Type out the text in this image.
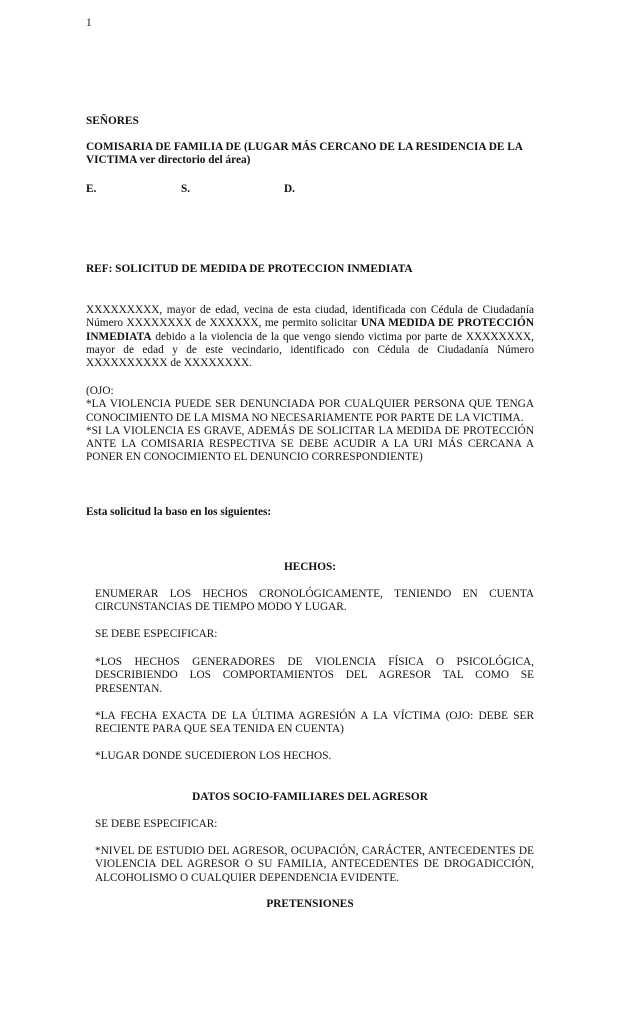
1
SEÑORES
COMISARIA DE FAMILIA DE (LUGAR MÁS CERCANO DE LA RESIDENCIA DE LA VICTIMA ver directorio del área)
E.	S.	D.
REF: SOLICITUD DE MEDIDA DE PROTECCION INMEDIATA
XXXXXXXXX, mayor de edad, vecina de esta ciudad, identificada con Cédula de Ciudadanía Número XXXXXXXX de XXXXXX, me permito solicitar UNA MEDIDA DE PROTECCIÓN INMEDIATA debido a la violencia de la que vengo siendo victima por parte de XXXXXXXX, mayor de edad y de este vecindario, identificado con Cédula de Ciudadanía Número XXXXXXXXXX de XXXXXXXX.

(OJO:

*LA VIOLENCIA PUEDE SER DENUNCIADA POR CUALQUIER PERSONA QUE TENGA CONOCIMIENTO DE LA MISMA NO NECESARIAMENTE POR PARTE DE LA VICTIMA.

*SI LA VIOLENCIA ES GRAVE, ADEMÁS DE SOLICITAR LA MEDIDA DE PROTECCIÓN ANTE LA COMISARIA RESPECTIVA SE DEBE ACUDIR A LA URI MÁS CERCANA A PONER EN CONOCIMIENTO EL DENUNCIO CORRESPONDIENTE)

Esta solicitud la baso en los siguientes:
HECHOS:
ENUMERAR LOS HECHOS CRONOLÓGICAMENTE, TENIENDO EN CUENTA CIRCUNSTANCIAS DE TIEMPO MODO Y LUGAR.
SE DEBE ESPECIFICAR:
*LOS HECHOS GENERADORES DE VIOLENCIA FÍSICA O PSICOLÓGICA, DESCRIBIENDO LOS COMPORTAMIENTOS DEL AGRESOR TAL COMO SE PRESENTAN.
*LA FECHA EXACTA DE LA ÚLTIMA AGRESIÓN A LA VÍCTIMA (OJO: DEBE SER RECIENTE PARA QUE SEA TENIDA EN CUENTA)
*LUGAR DONDE SUCEDIERON LOS HECHOS.
DATOS SOCIO-FAMILIARES DEL AGRESOR
SE DEBE ESPECIFICAR:
*NIVEL DE ESTUDIO DEL AGRESOR, OCUPACIÓN, CARÁCTER, ANTECEDENTES DE VIOLENCIA DEL AGRESOR O SU FAMILIA, ANTECEDENTES DE DROGADICCIÓN, ALCOHOLISMO O CUALQUIER DEPENDENCIA EVIDENTE.
PRETENSIONES
